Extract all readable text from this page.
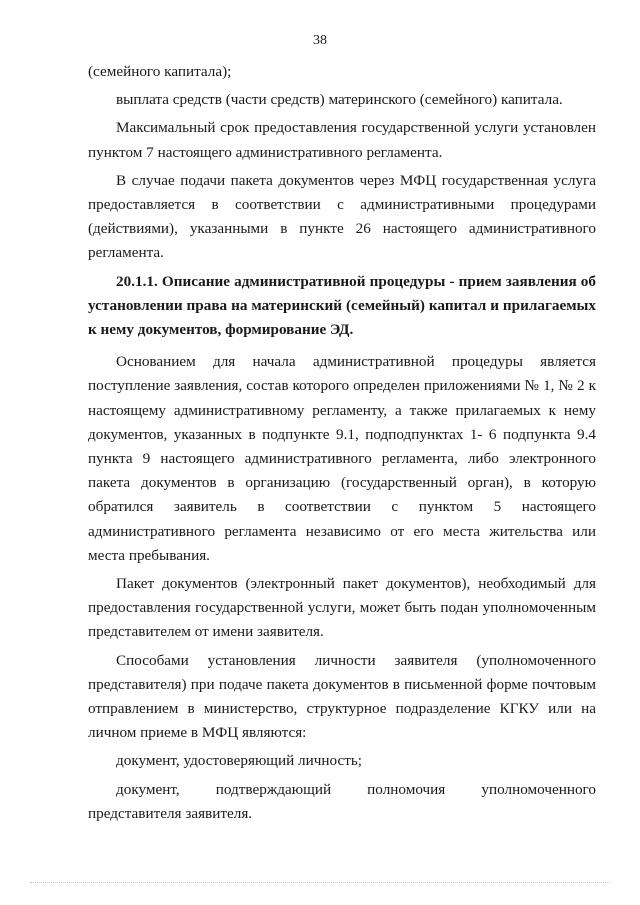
38

(семейного капитала);

выплата средств (части средств) материнского (семейного) капитала.

Максимальный срок предоставления государственной услуги установлен пунктом 7 настоящего административного регламента.

В случае подачи пакета документов через МФЦ государственная услуга предоставляется в соответствии с административными процедурами (действиями), указанными в пункте 26 настоящего административного регламента.

20.1.1. Описание административной процедуры - прием заявления об установлении права на материнский (семейный) капитал и прилагаемых к нему документов, формирование ЭД.

Основанием для начала административной процедуры является поступление заявления, состав которого определен приложениями № 1, № 2 к настоящему административному регламенту, а также прилагаемых к нему документов, указанных в подпункте 9.1, подподпунктах 1- 6 подпункта 9.4 пункта 9 настоящего административного регламента, либо электронного пакета документов в организацию (государственный орган), в которую обратился заявитель в соответствии с пунктом 5 настоящего административного регламента независимо от его места жительства или места пребывания.

Пакет документов (электронный пакет документов), необходимый для предоставления государственной услуги, может быть подан уполномоченным представителем от имени заявителя.

Способами установления личности заявителя (уполномоченного представителя) при подаче пакета документов в письменной форме почтовым отправлением в министерство, структурное подразделение КГКУ или на личном приеме в МФЦ являются:

документ, удостоверяющий личность;

документ, подтверждающий полномочия уполномоченного представителя заявителя.
